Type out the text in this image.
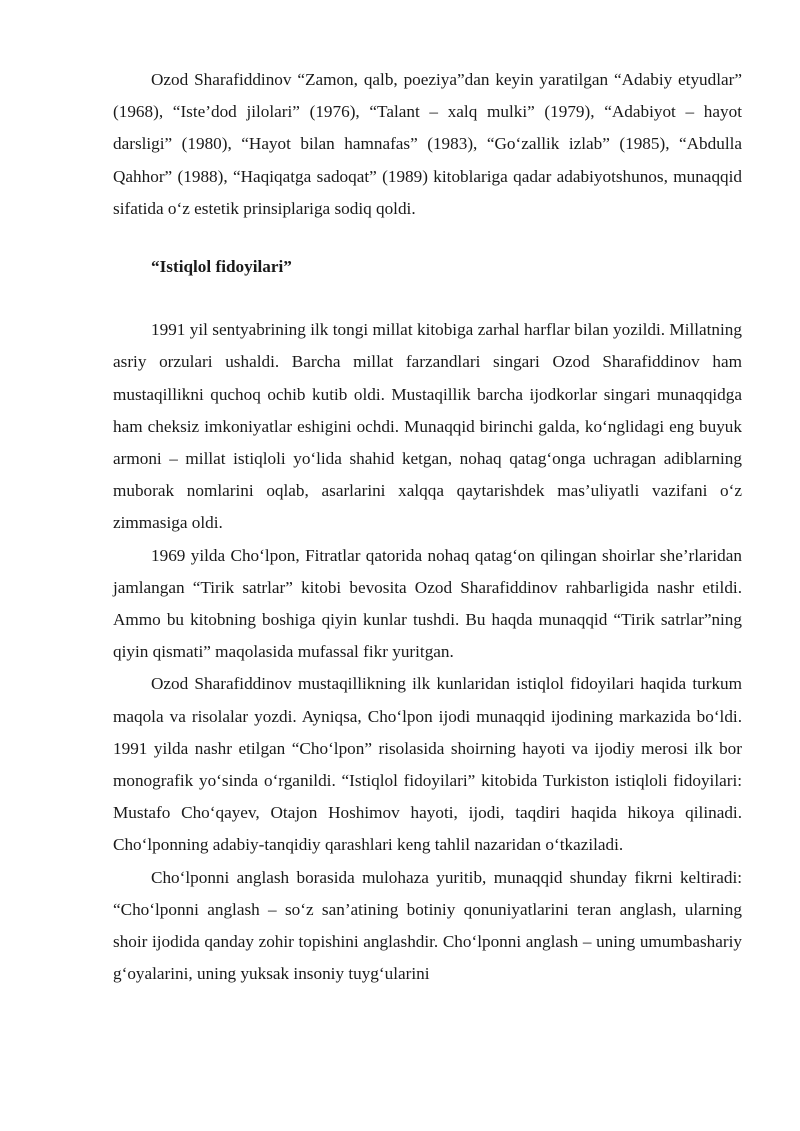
Ozod Sharafiddinov “Zamon, qalb, poeziya”dan keyin yaratilgan “Adabiy etyudlar” (1968), “Iste’dod jilolari” (1976), “Talant – xalq mulki” (1979), “Adabiyot – hayot darsligi” (1980), “Hayot bilan hamnafas” (1983), “Go‘zallik izlab” (1985), “Abdulla Qahhor” (1988), “Haqiqatga sadoqat” (1989) kitoblariga qadar adabiyotshunos, munaqqid sifatida o‘z estetik prinsiplariga sodiq qoldi.

“Istiqlol fidoyilari”

1991 yil sentyabrining ilk tongi millat kitobiga zarhal harflar bilan yozildi. Millatning asriy orzulari ushaldi. Barcha millat farzandlari singari Ozod Sharafiddinov ham mustaqillikni quchoq ochib kutib oldi. Mustaqillik barcha ijodkorlar singari munaqqidga ham cheksiz imkoniyatlar eshigini ochdi. Munaqqid birinchi galda, ko‘nglidagi eng buyuk armoni – millat istiqloli yo‘lida shahid ketgan, nohaq qatag‘onga uchragan adiblarning muborak nomlarini oqlab, asarlarini xalqqa qaytarishdek mas’uliyatli vazifani o‘z zimmasiga oldi.

1969 yilda Cho‘lpon, Fitratlar qatorida nohaq qatag‘on qilingan shoirlar she’rlaridan jamlangan “Tirik satrlar” kitobi bevosita Ozod Sharafiddinov rahbarligida nashr etildi. Ammo bu kitobning boshiga qiyin kunlar tushdi. Bu haqda munaqqid “Tirik satrlar”ning qiyin qismati” maqolasida mufassal fikr yuritgan.

Ozod Sharafiddinov mustaqillikning ilk kunlaridan istiqlol fidoyilari haqida turkum maqola va risolalar yozdi. Ayniqsa, Cho‘lpon ijodi munaqqid ijodining markazida bo‘ldi. 1991 yilda nashr etilgan “Cho‘lpon” risolasida shoirning hayoti va ijodiy merosi ilk bor monografik yo‘sinda o‘rganildi. “Istiqlol fidoyilari” kitobida Turkiston istiqloli fidoyilari: Mustafo Cho‘qayev, Otajon Hoshimov hayoti, ijodi, taqdiri haqida hikoya qilinadi. Cho‘lponning adabiy-tanqidiy qarashlari keng tahlil nazaridan o‘tkaziladi.

Cho‘lponni anglash borasida mulohaza yuritib, munaqqid shunday fikrni keltiradi: “Cho‘lponni anglash – so‘z san’atining botiniy qonuniyatlarini teran anglash, ularning shoir ijodida qanday zohir topishini anglashdir. Cho‘lponni anglash – uning umumbashariy g‘oyalarini, uning yuksak insoniy tuyg‘ularini
